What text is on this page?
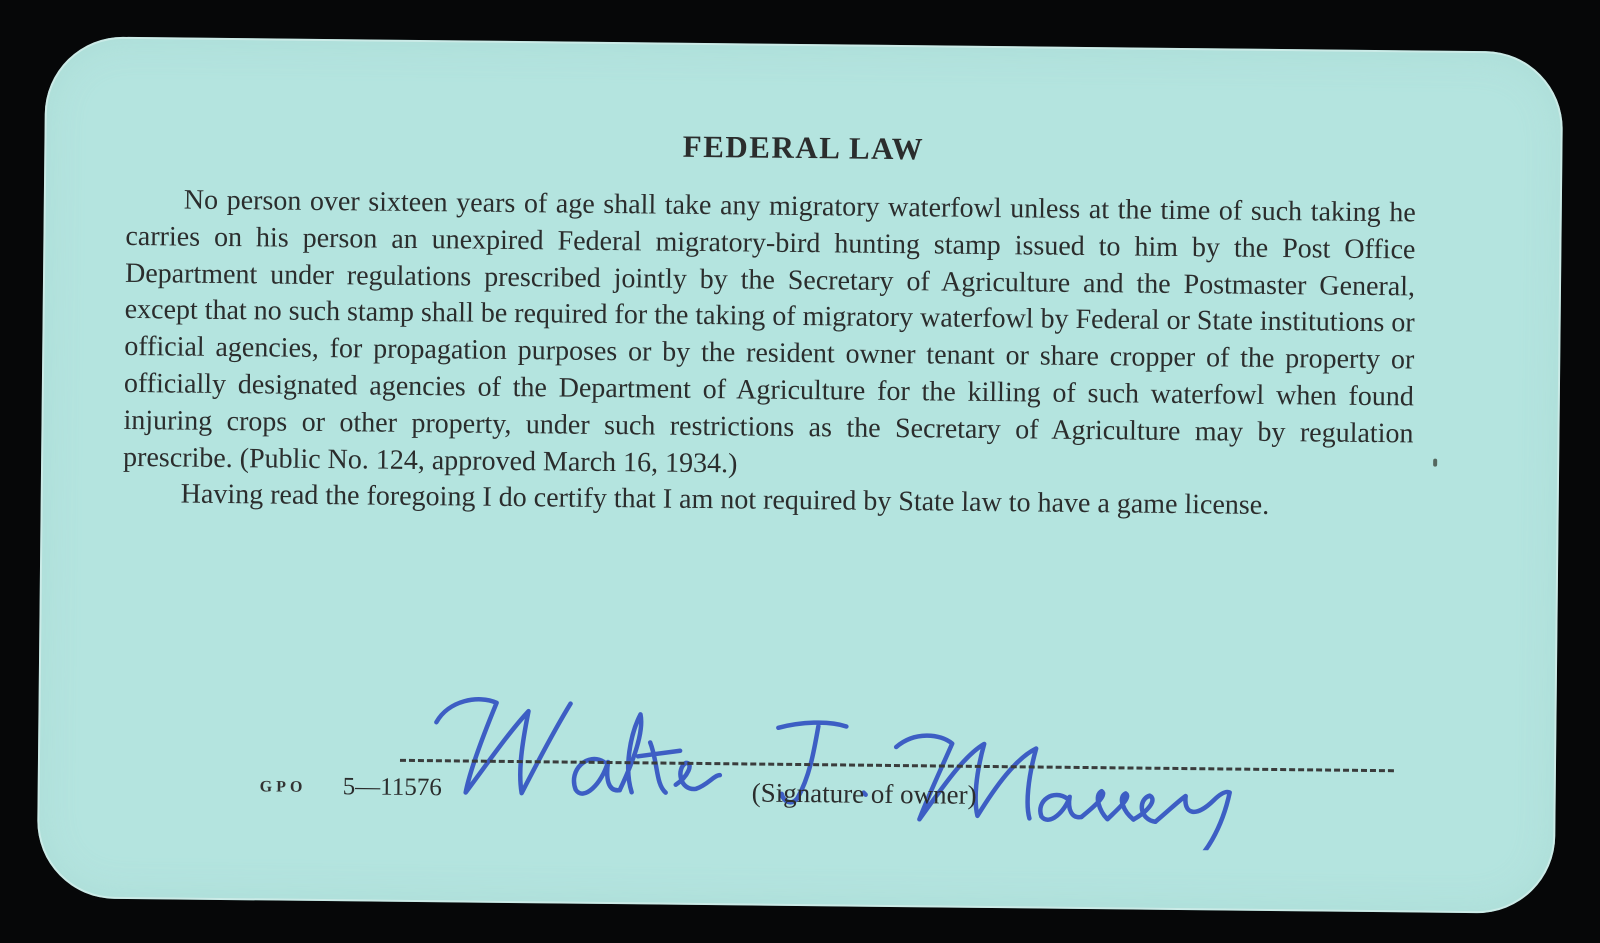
FEDERAL LAW

No person over sixteen years of age shall take any migratory waterfowl unless at the time of such taking he carries on his person an unexpired Federal migratory-bird hunting stamp issued to him by the Post Office Department under regulations prescribed jointly by the Secretary of Agriculture and the Postmaster General, except that no such stamp shall be required for the taking of migratory waterfowl by Federal or State institutions or official agencies, for propagation purposes or by the resident owner tenant or share cropper of the property or officially designated agencies of the Department of Agriculture for the killing of such waterfowl when found injuring crops or other property, under such restrictions as the Secretary of Agriculture may by regulation prescribe. (Public No. 124, approved March 16, 1934.)

Having read the foregoing I do certify that I am not required by State law to have a game license.

GPO 5—11576	(Signature of owner)
